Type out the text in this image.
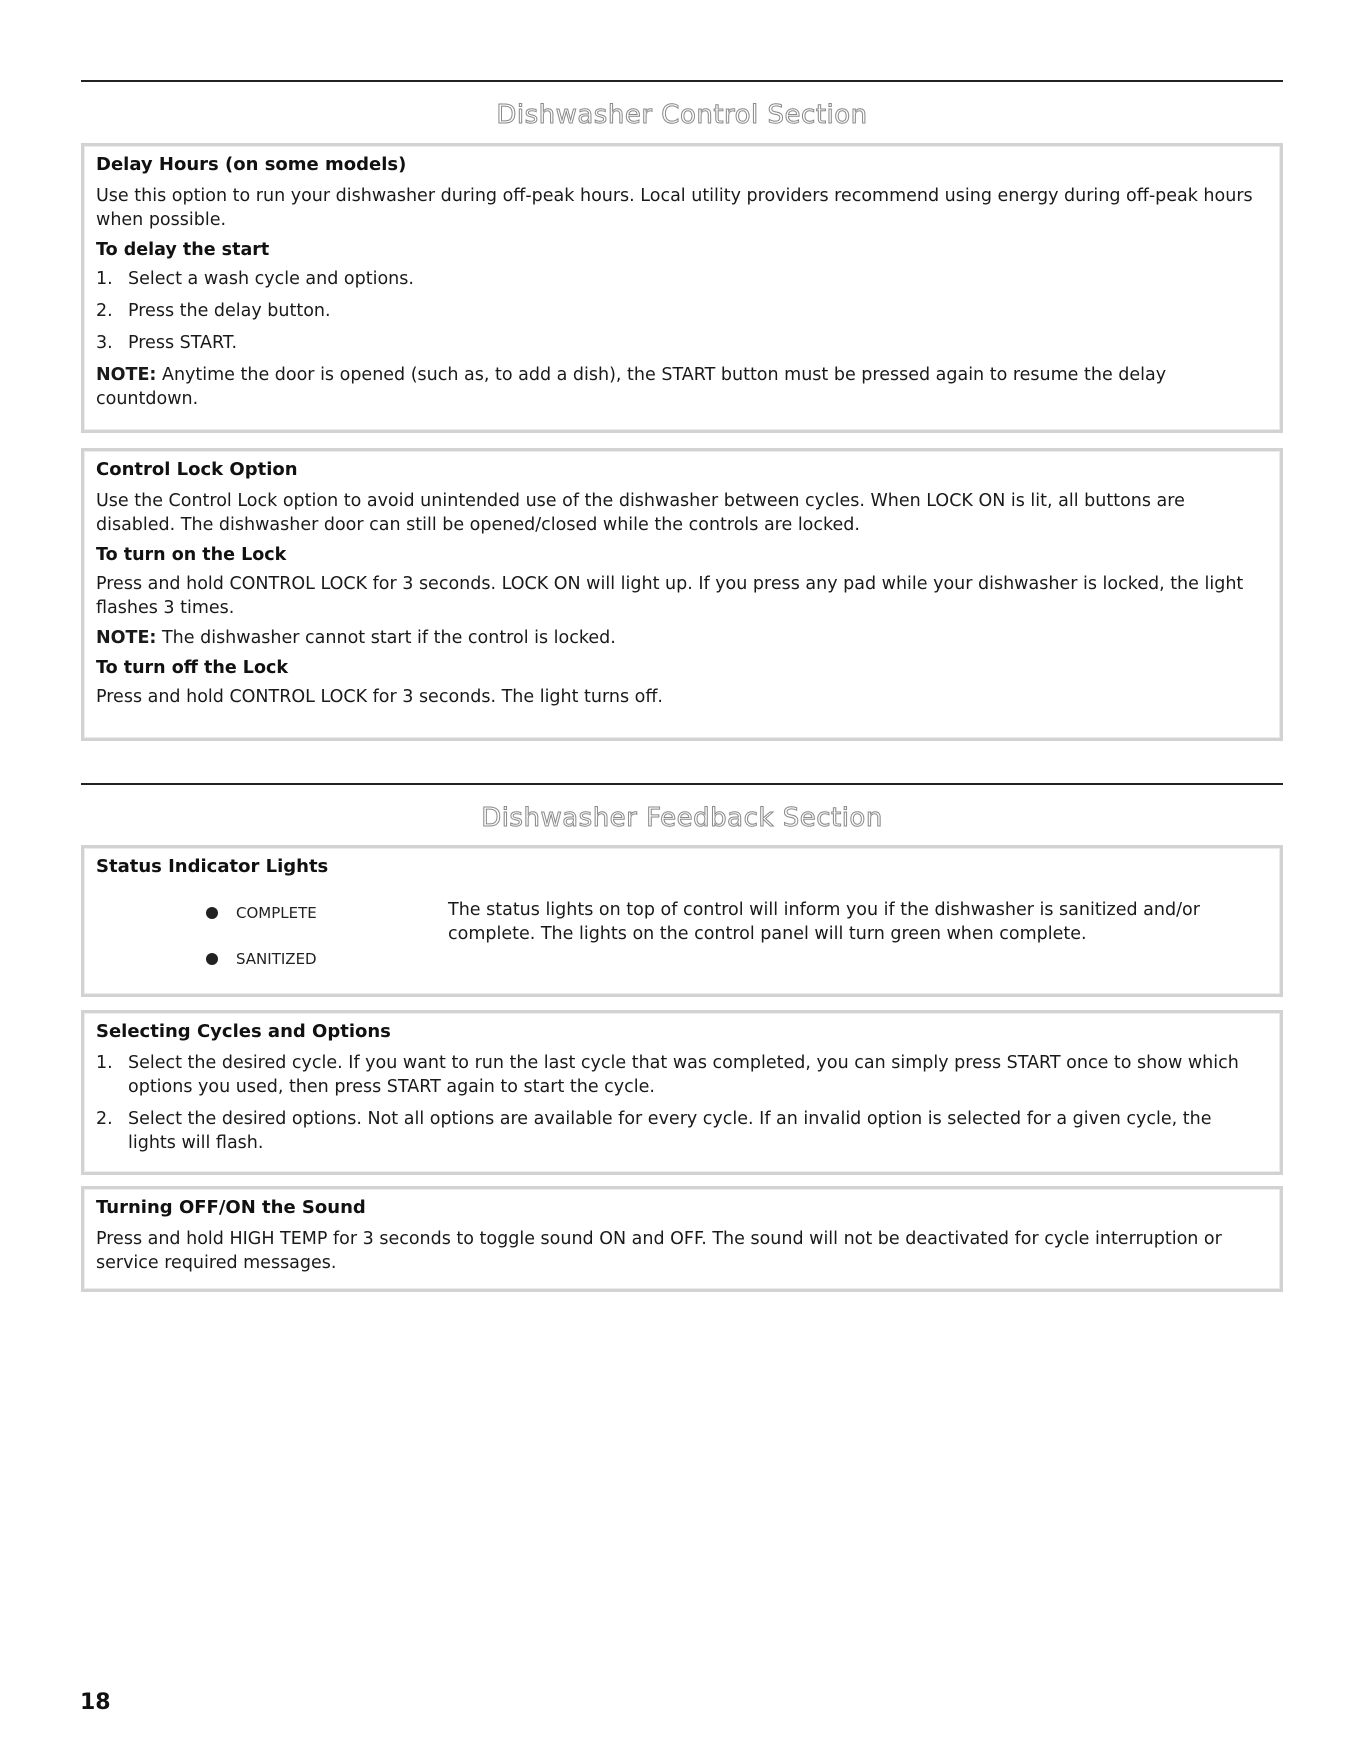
Dishwasher Control Section
Delay Hours (on some models)
Use this option to run your dishwasher during off-peak hours. Local utility providers recommend using energy during off-peak hours when possible.
To delay the start
1. Select a wash cycle and options.
2. Press the delay button.
3. Press START.
NOTE: Anytime the door is opened (such as, to add a dish), the START button must be pressed again to resume the delay countdown.
Control Lock Option
Use the Control Lock option to avoid unintended use of the dishwasher between cycles. When LOCK ON is lit, all buttons are disabled. The dishwasher door can still be opened/closed while the controls are locked.
To turn on the Lock
Press and hold CONTROL LOCK for 3 seconds. LOCK ON will light up. If you press any pad while your dishwasher is locked, the light flashes 3 times.
NOTE: The dishwasher cannot start if the control is locked.
To turn off the Lock
Press and hold CONTROL LOCK for 3 seconds. The light turns off.
Dishwasher Feedback Section
Status Indicator Lights
COMPLETE
SANITIZED
The status lights on top of control will inform you if the dishwasher is sanitized and/or complete. The lights on the control panel will turn green when complete.
Selecting Cycles and Options
1. Select the desired cycle. If you want to run the last cycle that was completed, you can simply press START once to show which options you used, then press START again to start the cycle.
2. Select the desired options. Not all options are available for every cycle. If an invalid option is selected for a given cycle, the lights will flash.
Turning OFF/ON the Sound
Press and hold HIGH TEMP for 3 seconds to toggle sound ON and OFF. The sound will not be deactivated for cycle interruption or service required messages.
18
